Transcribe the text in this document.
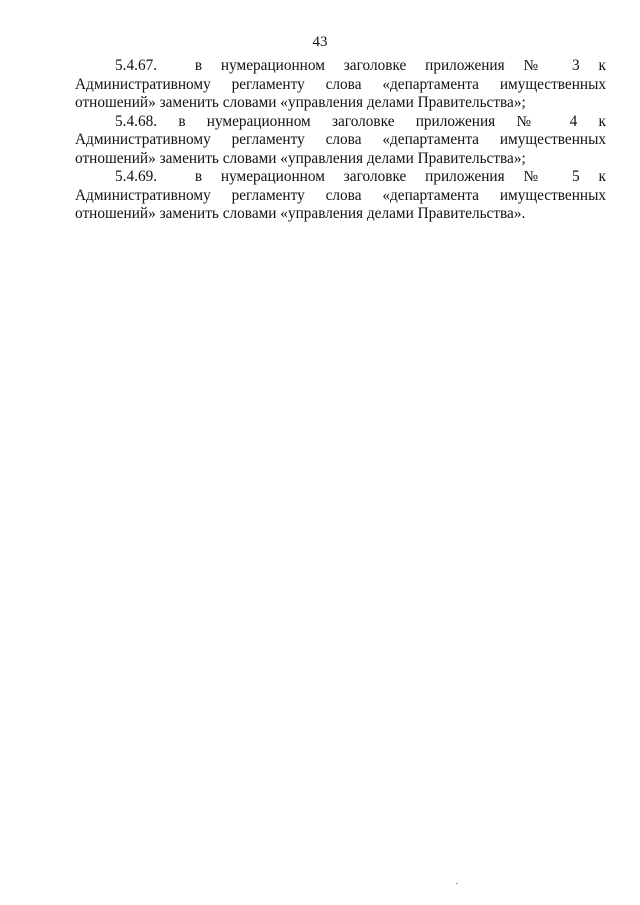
43

5.4.67. в нумерационном заголовке приложения № 3 к Административному регламенту слова «департамента имущественных отношений» заменить словами «управления делами Правительства»;

5.4.68. в нумерационном заголовке приложения № 4 к Административному регламенту слова «департамента имущественных отношений» заменить словами «управления делами Правительства»;

5.4.69. в нумерационном заголовке приложения № 5 к Административному регламенту слова «департамента имущественных отношений» заменить словами «управления делами Правительства».
